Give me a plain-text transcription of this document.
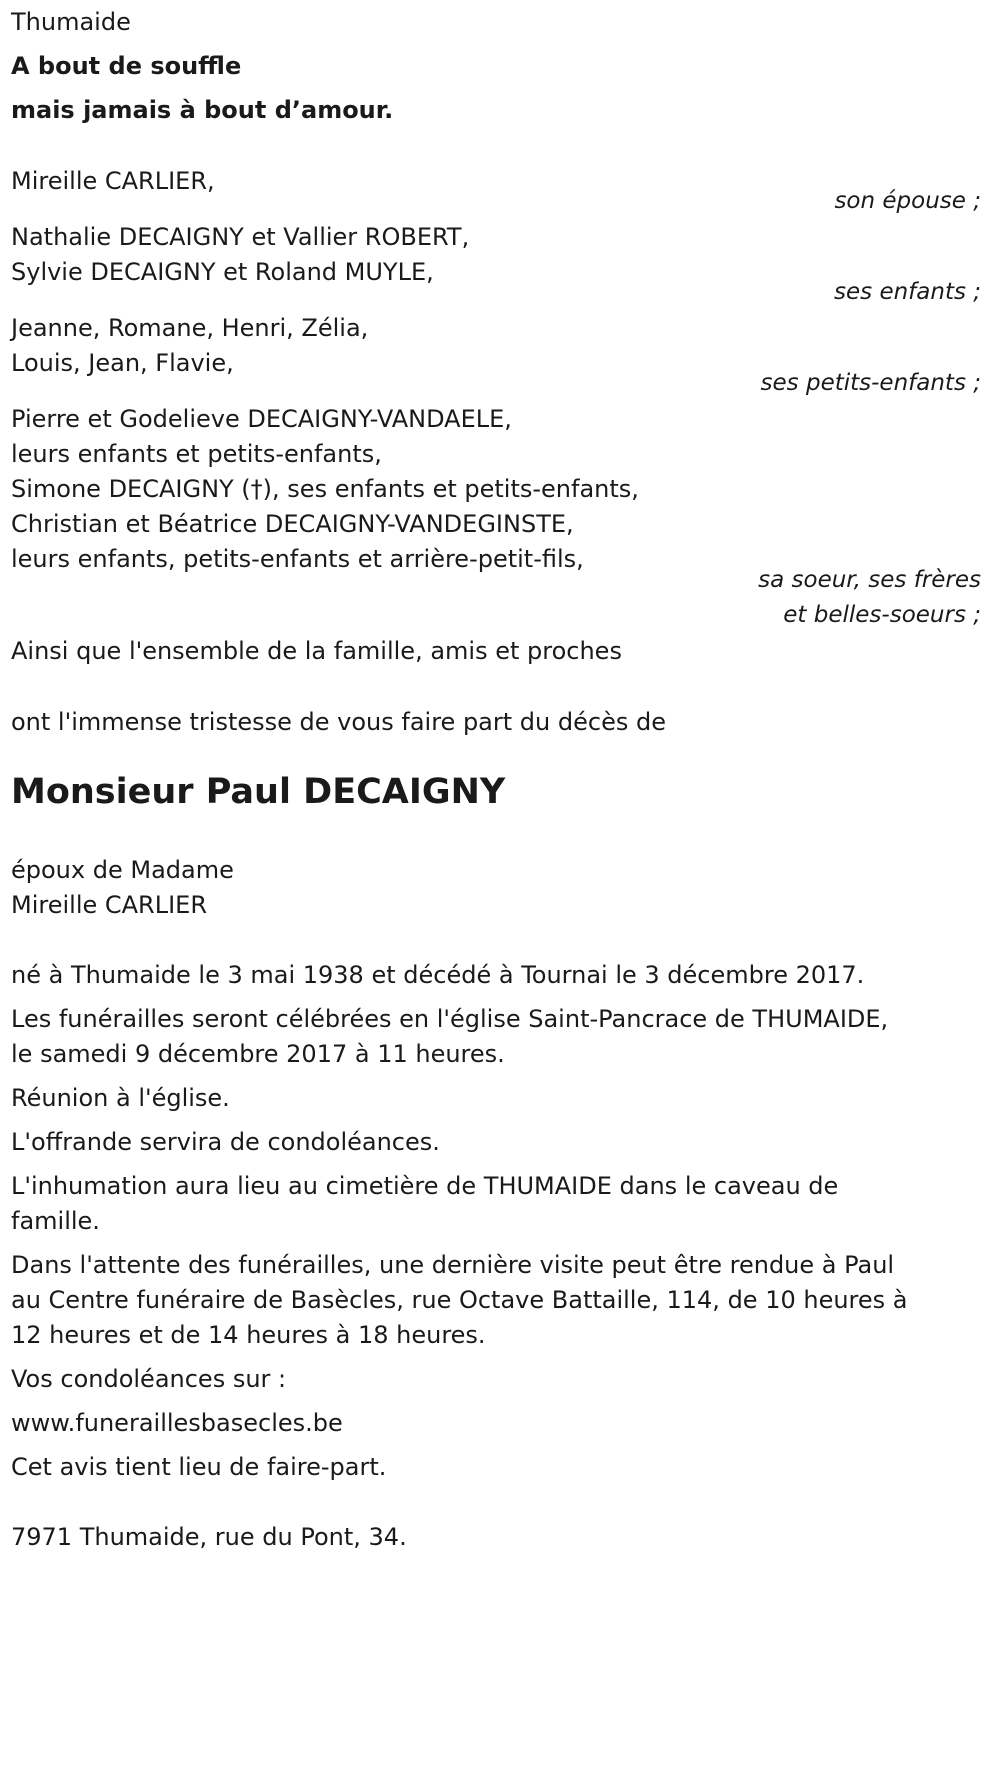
Thumaide
A bout de souffle
mais jamais à bout d’amour.
Mireille CARLIER,
son épouse ;
Nathalie DECAIGNY et Vallier ROBERT,
Sylvie DECAIGNY et Roland MUYLE,
ses enfants ;
Jeanne, Romane, Henri, Zélia,
Louis, Jean, Flavie,
ses petits-enfants ;
Pierre et Godelieve DECAIGNY-VANDAELE,
leurs enfants et petits-enfants,
Simone DECAIGNY (†), ses enfants et petits-enfants,
Christian et Béatrice DECAIGNY-VANDEGINSTE,
leurs enfants, petits-enfants et arrière-petit-fils,
sa soeur, ses frères
et belles-soeurs ;
Ainsi que l'ensemble de la famille, amis et proches
ont l'immense tristesse de vous faire part du décès de
Monsieur Paul DECAIGNY
époux de Madame
Mireille CARLIER
né à Thumaide le 3 mai 1938 et décédé à Tournai le 3 décembre 2017.
Les funérailles seront célébrées en l'église Saint-Pancrace de THUMAIDE,
le samedi 9 décembre 2017 à 11 heures.
Réunion à l'église.
L'offrande servira de condoléances.
L'inhumation aura lieu au cimetière de THUMAIDE dans le caveau de
famille.
Dans l'attente des funérailles, une dernière visite peut être rendue à Paul
au Centre funéraire de Basècles, rue Octave Battaille, 114, de 10 heures à
12 heures et de 14 heures à 18 heures.
Vos condoléances sur :
www.funeraillesbasecles.be
Cet avis tient lieu de faire-part.
7971 Thumaide, rue du Pont, 34.
